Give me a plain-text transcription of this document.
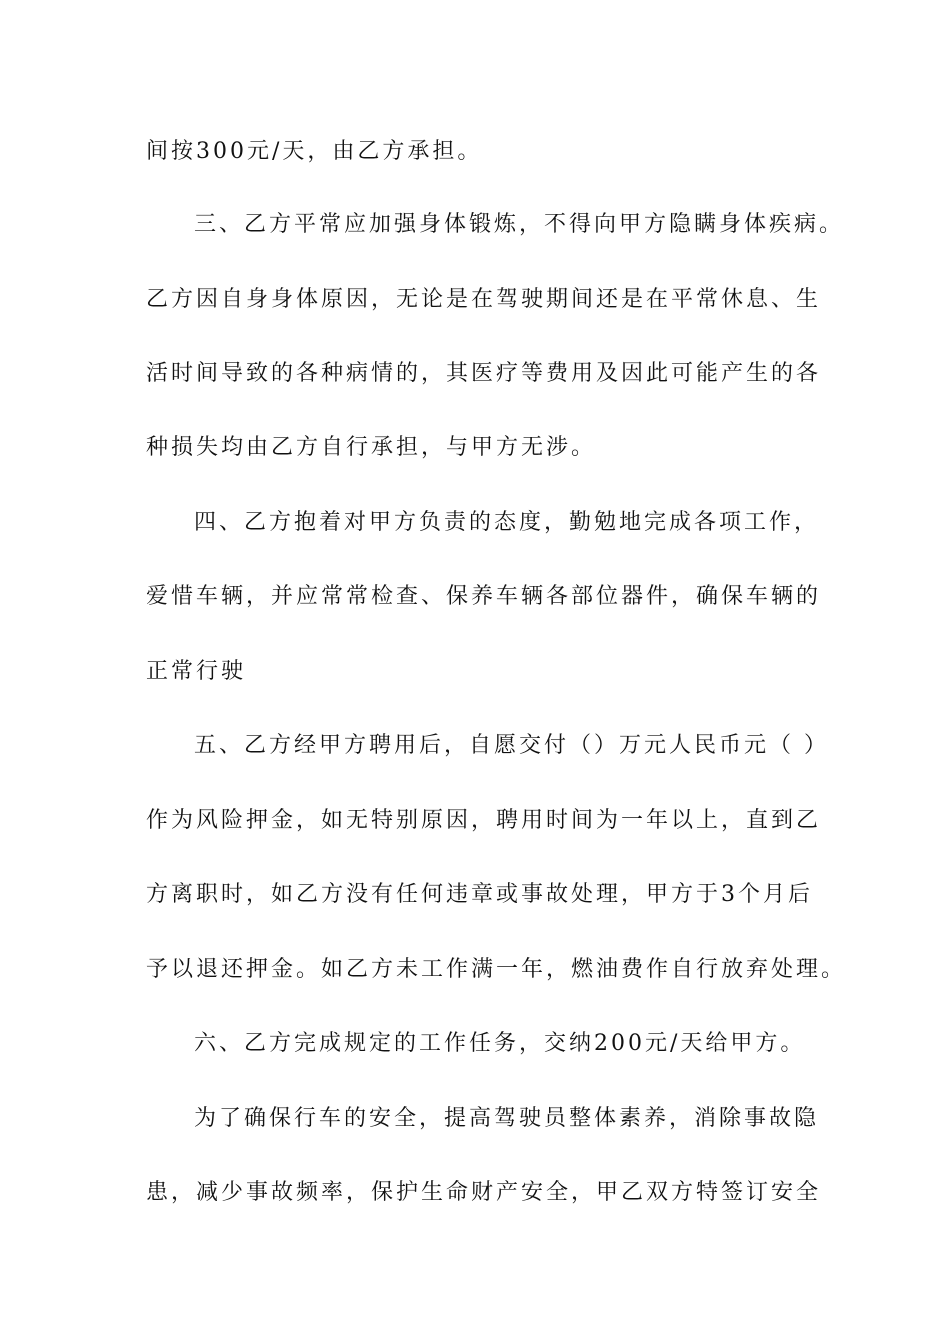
间按300元/天，由乙方承担。
三、乙方平常应加强身体锻炼，不得向甲方隐瞒身体疾病。
乙方因自身身体原因，无论是在驾驶期间还是在平常休息、生
活时间导致的各种病情的，其医疗等费用及因此可能产生的各
种损失均由乙方自行承担，与甲方无涉。
四、乙方抱着对甲方负责的态度，勤勉地完成各项工作，
爱惜车辆，并应常常检查、保养车辆各部位器件，确保车辆的
正常行驶
五、乙方经甲方聘用后，自愿交付（）万元人民币元（ ）
作为风险押金，如无特别原因，聘用时间为一年以上，直到乙
方离职时，如乙方没有任何违章或事故处理，甲方于3个月后
予以退还押金。如乙方未工作满一年，燃油费作自行放弃处理。
六、乙方完成规定的工作任务，交纳200元/天给甲方。
为了确保行车的安全，提高驾驶员整体素养，消除事故隐
患，减少事故频率，保护生命财产安全，甲乙双方特签订安全
